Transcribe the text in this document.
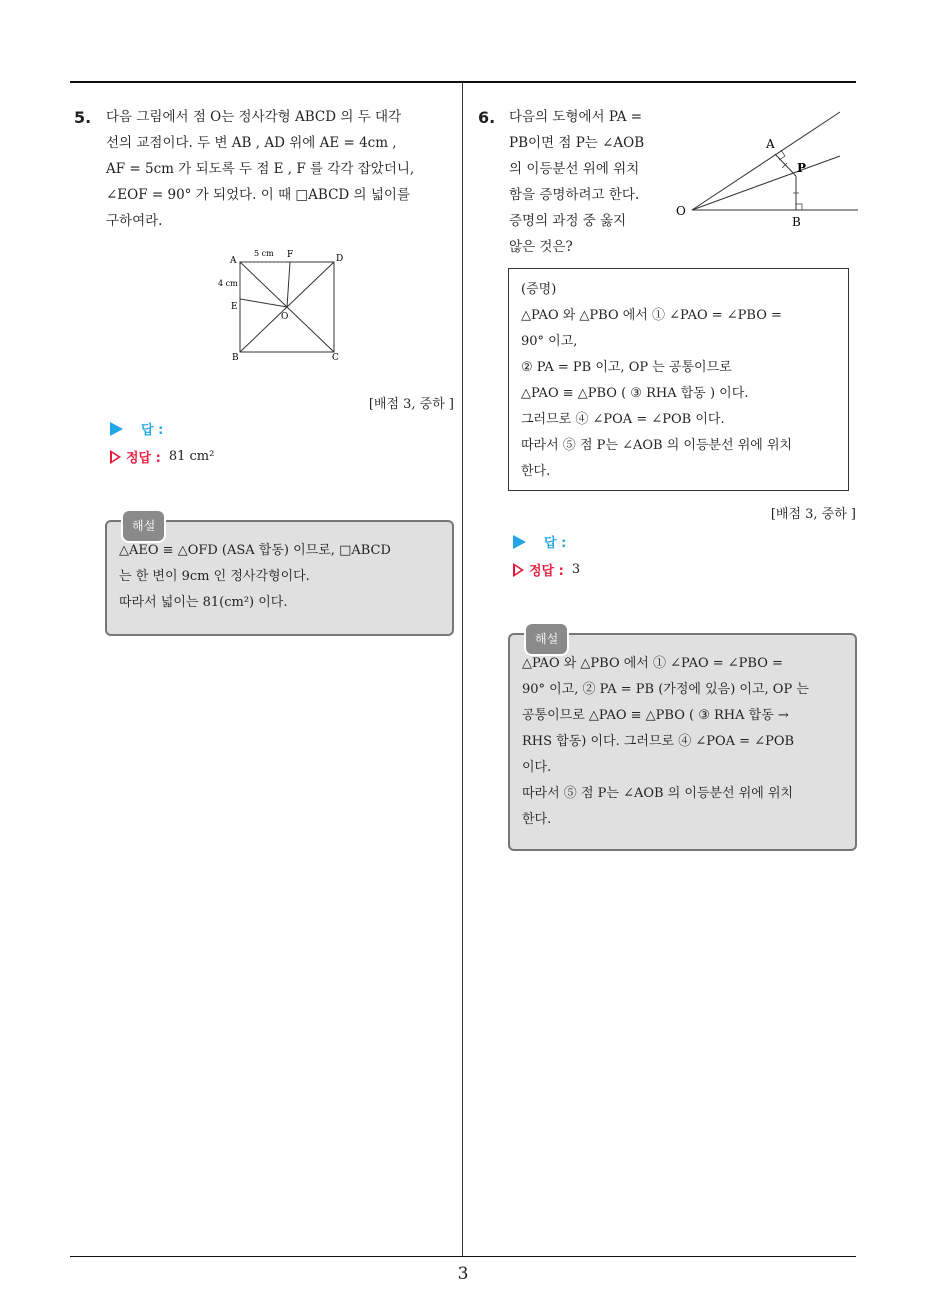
5. 다음 그림에서 점 O는 정사각형 ABCD 의 두 대각
선의 교점이다. 두 변 AB , AD 위에 AE = 4cm ,
AF = 5cm 가 되도록 두 점 E , F 를 각각 잡았더니,
∠EOF = 90° 가 되었다. 이 때 □ABCD 의 넓이를
구하여라.
A	D
B	C
E
F
O
5 cm
4 cm
[배점 3, 중하 ]
답 :
정답 : 81 cm²
해설
△AEO ≡ △OFD (ASA 합동) 이므로, □ABCD
는 한 변이 9cm 인 정사각형이다.
따라서 넓이는 81(cm²) 이다.
6. 다음의 도형에서 PA =
PB이면 점 P는 ∠AOB
의 이등분선 위에 위치
함을 증명하려고 한다.
증명의 과정 중 옳지
않은 것은?
A
P
O
B
(증명)
△PAO 와 △PBO 에서 ① ∠PAO = ∠PBO =
90° 이고,
② PA = PB 이고, OP 는 공통이므로
△PAO ≡ △PBO ( ③ RHA 합동 ) 이다.
그러므로 ④ ∠POA = ∠POB 이다.
따라서 ⑤ 점 P는 ∠AOB 의 이등분선 위에 위치
한다.
[배점 3, 중하 ]
답 :
정답 : 3
해설
△PAO 와 △PBO 에서 ① ∠PAO = ∠PBO =
90° 이고, ② PA = PB (가정에 있음) 이고, OP 는
공통이므로 △PAO ≡ △PBO ( ③ RHA 합동 →
RHS 합동) 이다. 그러므로 ④ ∠POA = ∠POB
이다.
따라서 ⑤ 점 P는 ∠AOB 의 이등분선 위에 위치
한다.
3
